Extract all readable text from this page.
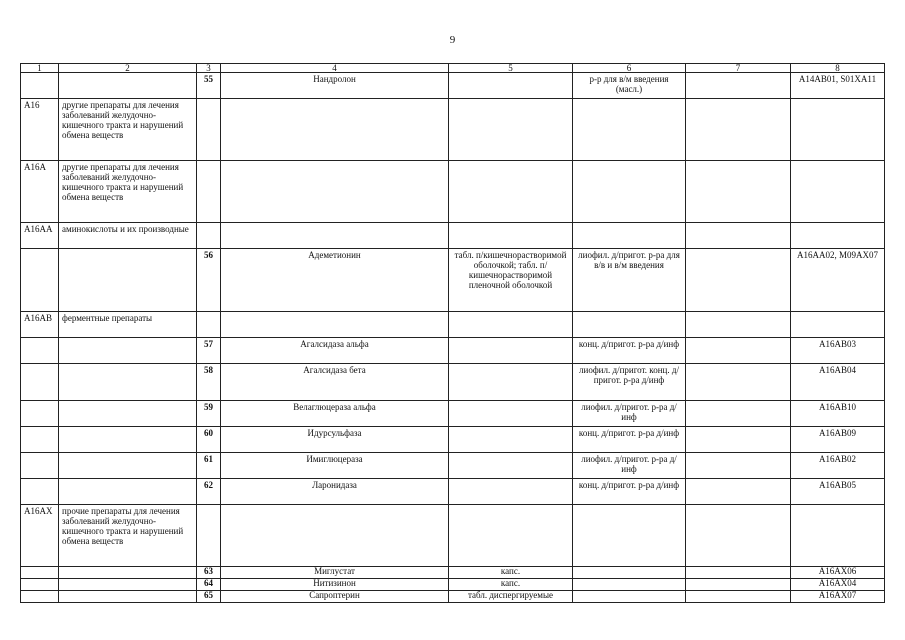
9
1	2	3	4	5	6	7	8
		55	Нандролон		р-р для в/м введения (масл.)		A14AB01, S01XA11
A16	другие препараты для лечения заболеваний желудочно-кишечного тракта и нарушений обмена веществ						
A16A	другие препараты для лечения заболеваний желудочно-кишечного тракта и нарушений обмена веществ						
A16AA	аминокислоты и их производные						
		56	Адеметионин	табл. п/кишечнорастворимой оболочкой; табл. п/кишечнорастворимой пленочной оболочкой	лиофил. д/пригот. р-ра для в/в и в/м введения		A16AA02, M09AX07
A16AB	ферментные препараты						
		57	Агалсидаза альфа		конц. д/пригот. р-ра д/инф		A16AB03
		58	Агалсидаза бета		лиофил. д/пригот. конц. д/пригот. р-ра д/инф		A16AB04
		59	Велаглюцераза альфа		лиофил. д/пригот. р-ра д/инф		A16AB10
		60	Идурсульфаза		конц. д/пригот. р-ра д/инф		A16AB09
		61	Имиглюцераза		лиофил. д/пригот. р-ра д/инф		A16AB02
		62	Ларонидаза		конц. д/пригот. р-ра д/инф		A16AB05
A16AX	прочие препараты для лечения заболеваний желудочно-кишечного тракта и нарушений обмена веществ						
		63	Миглустат	капс.			A16AX06
		64	Нитизинон	капс.			A16AX04
		65	Сапроптерин	табл. диспергируемые			A16AX07
